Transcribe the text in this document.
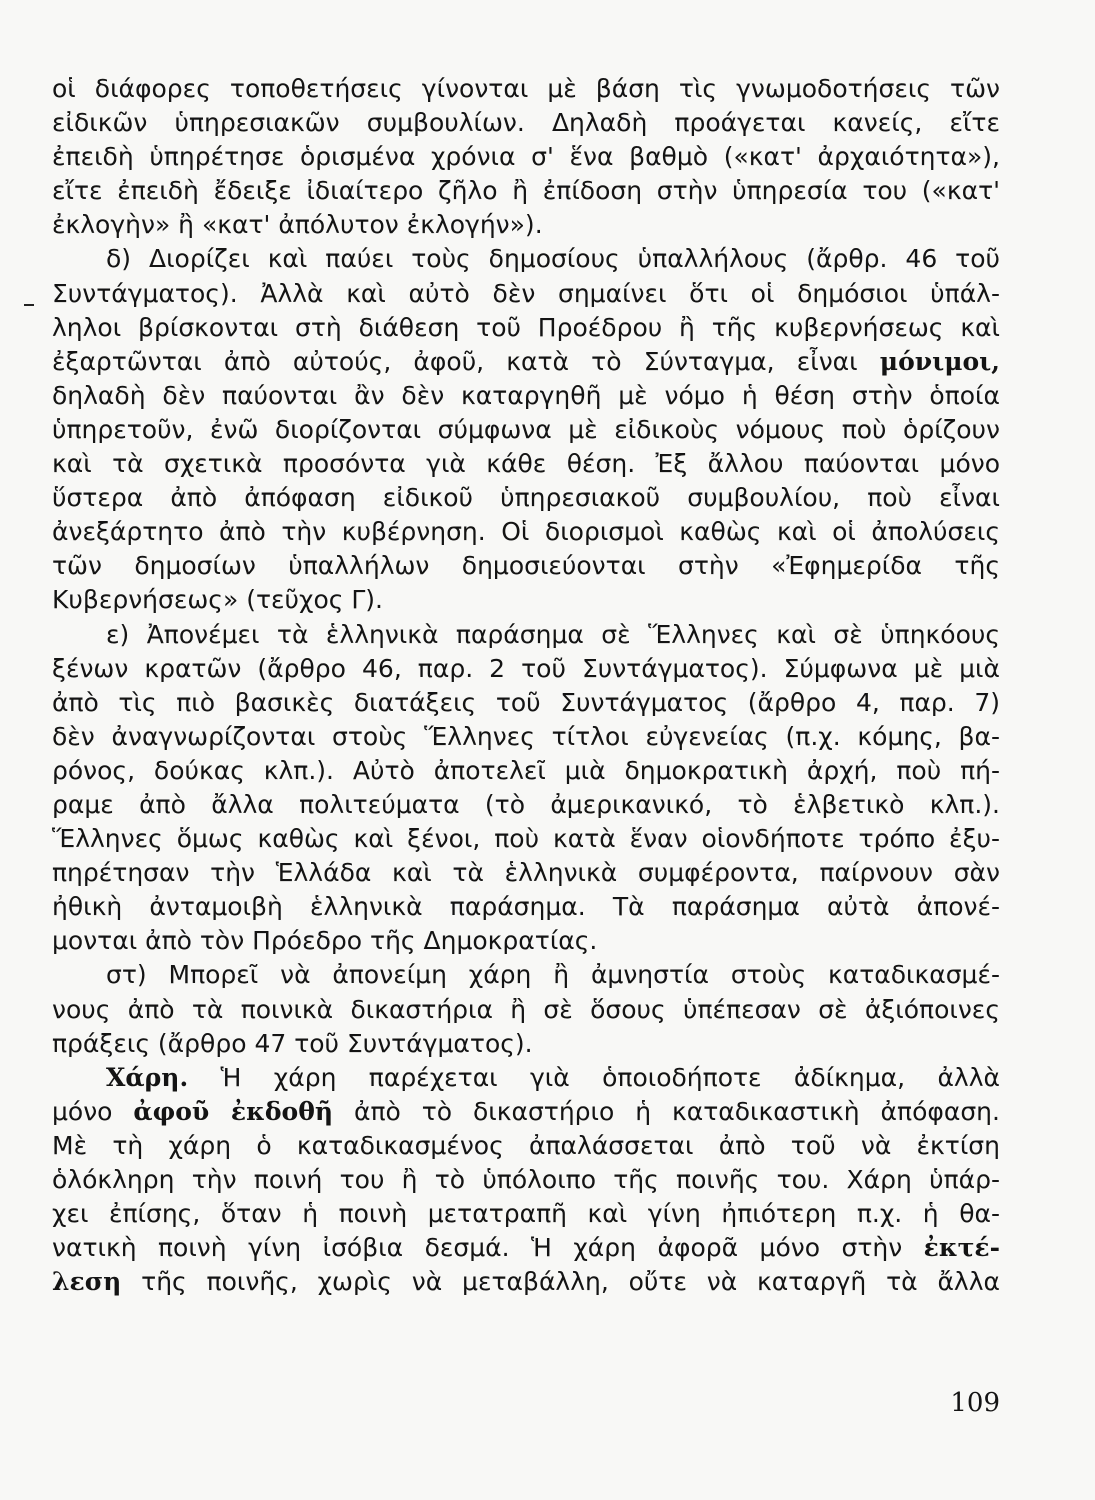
οἱ διάφορες τοποθετήσεις γίνονται μὲ βάση τὶς γνωμοδοτήσεις τῶν
εἰδικῶν ὑπηρεσιακῶν συμβουλίων. Δηλαδὴ προάγεται κανείς, εἴτε
ἐπειδὴ ὑπηρέτησε ὁρισμένα χρόνια σ' ἕνα βαθμὸ («κατ' ἀρχαιότητα»),
εἴτε ἐπειδὴ ἔδειξε ἰδιαίτερο ζῆλο ἢ ἐπίδοση στὴν ὑπηρεσία του («κατ'
ἐκλογὴν» ἢ «κατ' ἀπόλυτον ἐκλογήν»).
δ) Διορίζει καὶ παύει τοὺς δημοσίους ὑπαλλήλους (ἄρθρ. 46 τοῦ
Συντάγματος). Ἀλλὰ καὶ αὐτὸ δὲν σημαίνει ὅτι οἱ δημόσιοι ὑπάλ-
ληλοι βρίσκονται στὴ διάθεση τοῦ Προέδρου ἢ τῆς κυβερνήσεως καὶ
ἐξαρτῶνται ἀπὸ αὐτούς, ἀφοῦ, κατὰ τὸ Σύνταγμα, εἶναι μόνιμοι,
δηλαδὴ δὲν παύονται ἂν δὲν καταργηθῆ μὲ νόμο ἡ θέση στὴν ὁποία
ὑπηρετοῦν, ἐνῶ διορίζονται σύμφωνα μὲ εἰδικοὺς νόμους ποὺ ὁρίζουν
καὶ τὰ σχετικὰ προσόντα γιὰ κάθε θέση. Ἐξ ἄλλου παύονται μόνο
ὕστερα ἀπὸ ἀπόφαση εἰδικοῦ ὑπηρεσιακοῦ συμβουλίου, ποὺ εἶναι
ἀνεξάρτητο ἀπὸ τὴν κυβέρνηση. Οἱ διορισμοὶ καθὼς καὶ οἱ ἀπολύσεις
τῶν δημοσίων ὑπαλλήλων δημοσιεύονται στὴν «Ἐφημερίδα τῆς
Κυβερνήσεως» (τεῦχος Γ).
ε) Ἀπονέμει τὰ ἑλληνικὰ παράσημα σὲ Ἕλληνες καὶ σὲ ὑπηκόους
ξένων κρατῶν (ἄρθρο 46, παρ. 2 τοῦ Συντάγματος). Σύμφωνα μὲ μιὰ
ἀπὸ τὶς πιὸ βασικὲς διατάξεις τοῦ Συντάγματος (ἄρθρο 4, παρ. 7)
δὲν ἀναγνωρίζονται στοὺς Ἕλληνες τίτλοι εὐγενείας (π.χ. κόμης, βα-
ρόνος, δούκας κλπ.). Αὐτὸ ἀποτελεῖ μιὰ δημοκρατικὴ ἀρχή, ποὺ πή-
ραμε ἀπὸ ἄλλα πολιτεύματα (τὸ ἀμερικανικό, τὸ ἑλβετικὸ κλπ.).
Ἕλληνες ὅμως καθὼς καὶ ξένοι, ποὺ κατὰ ἕναν οἱονδήποτε τρόπο ἐξυ-
πηρέτησαν τὴν Ἑλλάδα καὶ τὰ ἑλληνικὰ συμφέροντα, παίρνουν σὰν
ἠθικὴ ἀνταμοιβὴ ἑλληνικὰ παράσημα. Τὰ παράσημα αὐτὰ ἀπονέ-
μονται ἀπὸ τὸν Πρόεδρο τῆς Δημοκρατίας.
στ) Μπορεῖ νὰ ἀπονείμη χάρη ἢ ἀμνηστία στοὺς καταδικασμέ-
νους ἀπὸ τὰ ποινικὰ δικαστήρια ἢ σὲ ὅσους ὑπέπεσαν σὲ ἀξιόποινες
πράξεις (ἄρθρο 47 τοῦ Συντάγματος).
Χάρη. Ἡ χάρη παρέχεται γιὰ ὁποιοδήποτε ἀδίκημα, ἀλλὰ
μόνο ἀφοῦ ἐκδοθῆ ἀπὸ τὸ δικαστήριο ἡ καταδικαστικὴ ἀπόφαση.
Μὲ τὴ χάρη ὁ καταδικασμένος ἀπαλάσσεται ἀπὸ τοῦ νὰ ἐκτίση
ὁλόκληρη τὴν ποινή του ἢ τὸ ὑπόλοιπο τῆς ποινῆς του. Χάρη ὑπάρ-
χει ἐπίσης, ὅταν ἡ ποινὴ μετατραπῆ καὶ γίνη ἠπιότερη π.χ. ἡ θα-
νατικὴ ποινὴ γίνη ἰσόβια δεσμά. Ἡ χάρη ἀφορᾶ μόνο στὴν ἐκτέ-
λεση τῆς ποινῆς, χωρὶς νὰ μεταβάλλη, οὔτε νὰ καταργῆ τὰ ἄλλα
109
